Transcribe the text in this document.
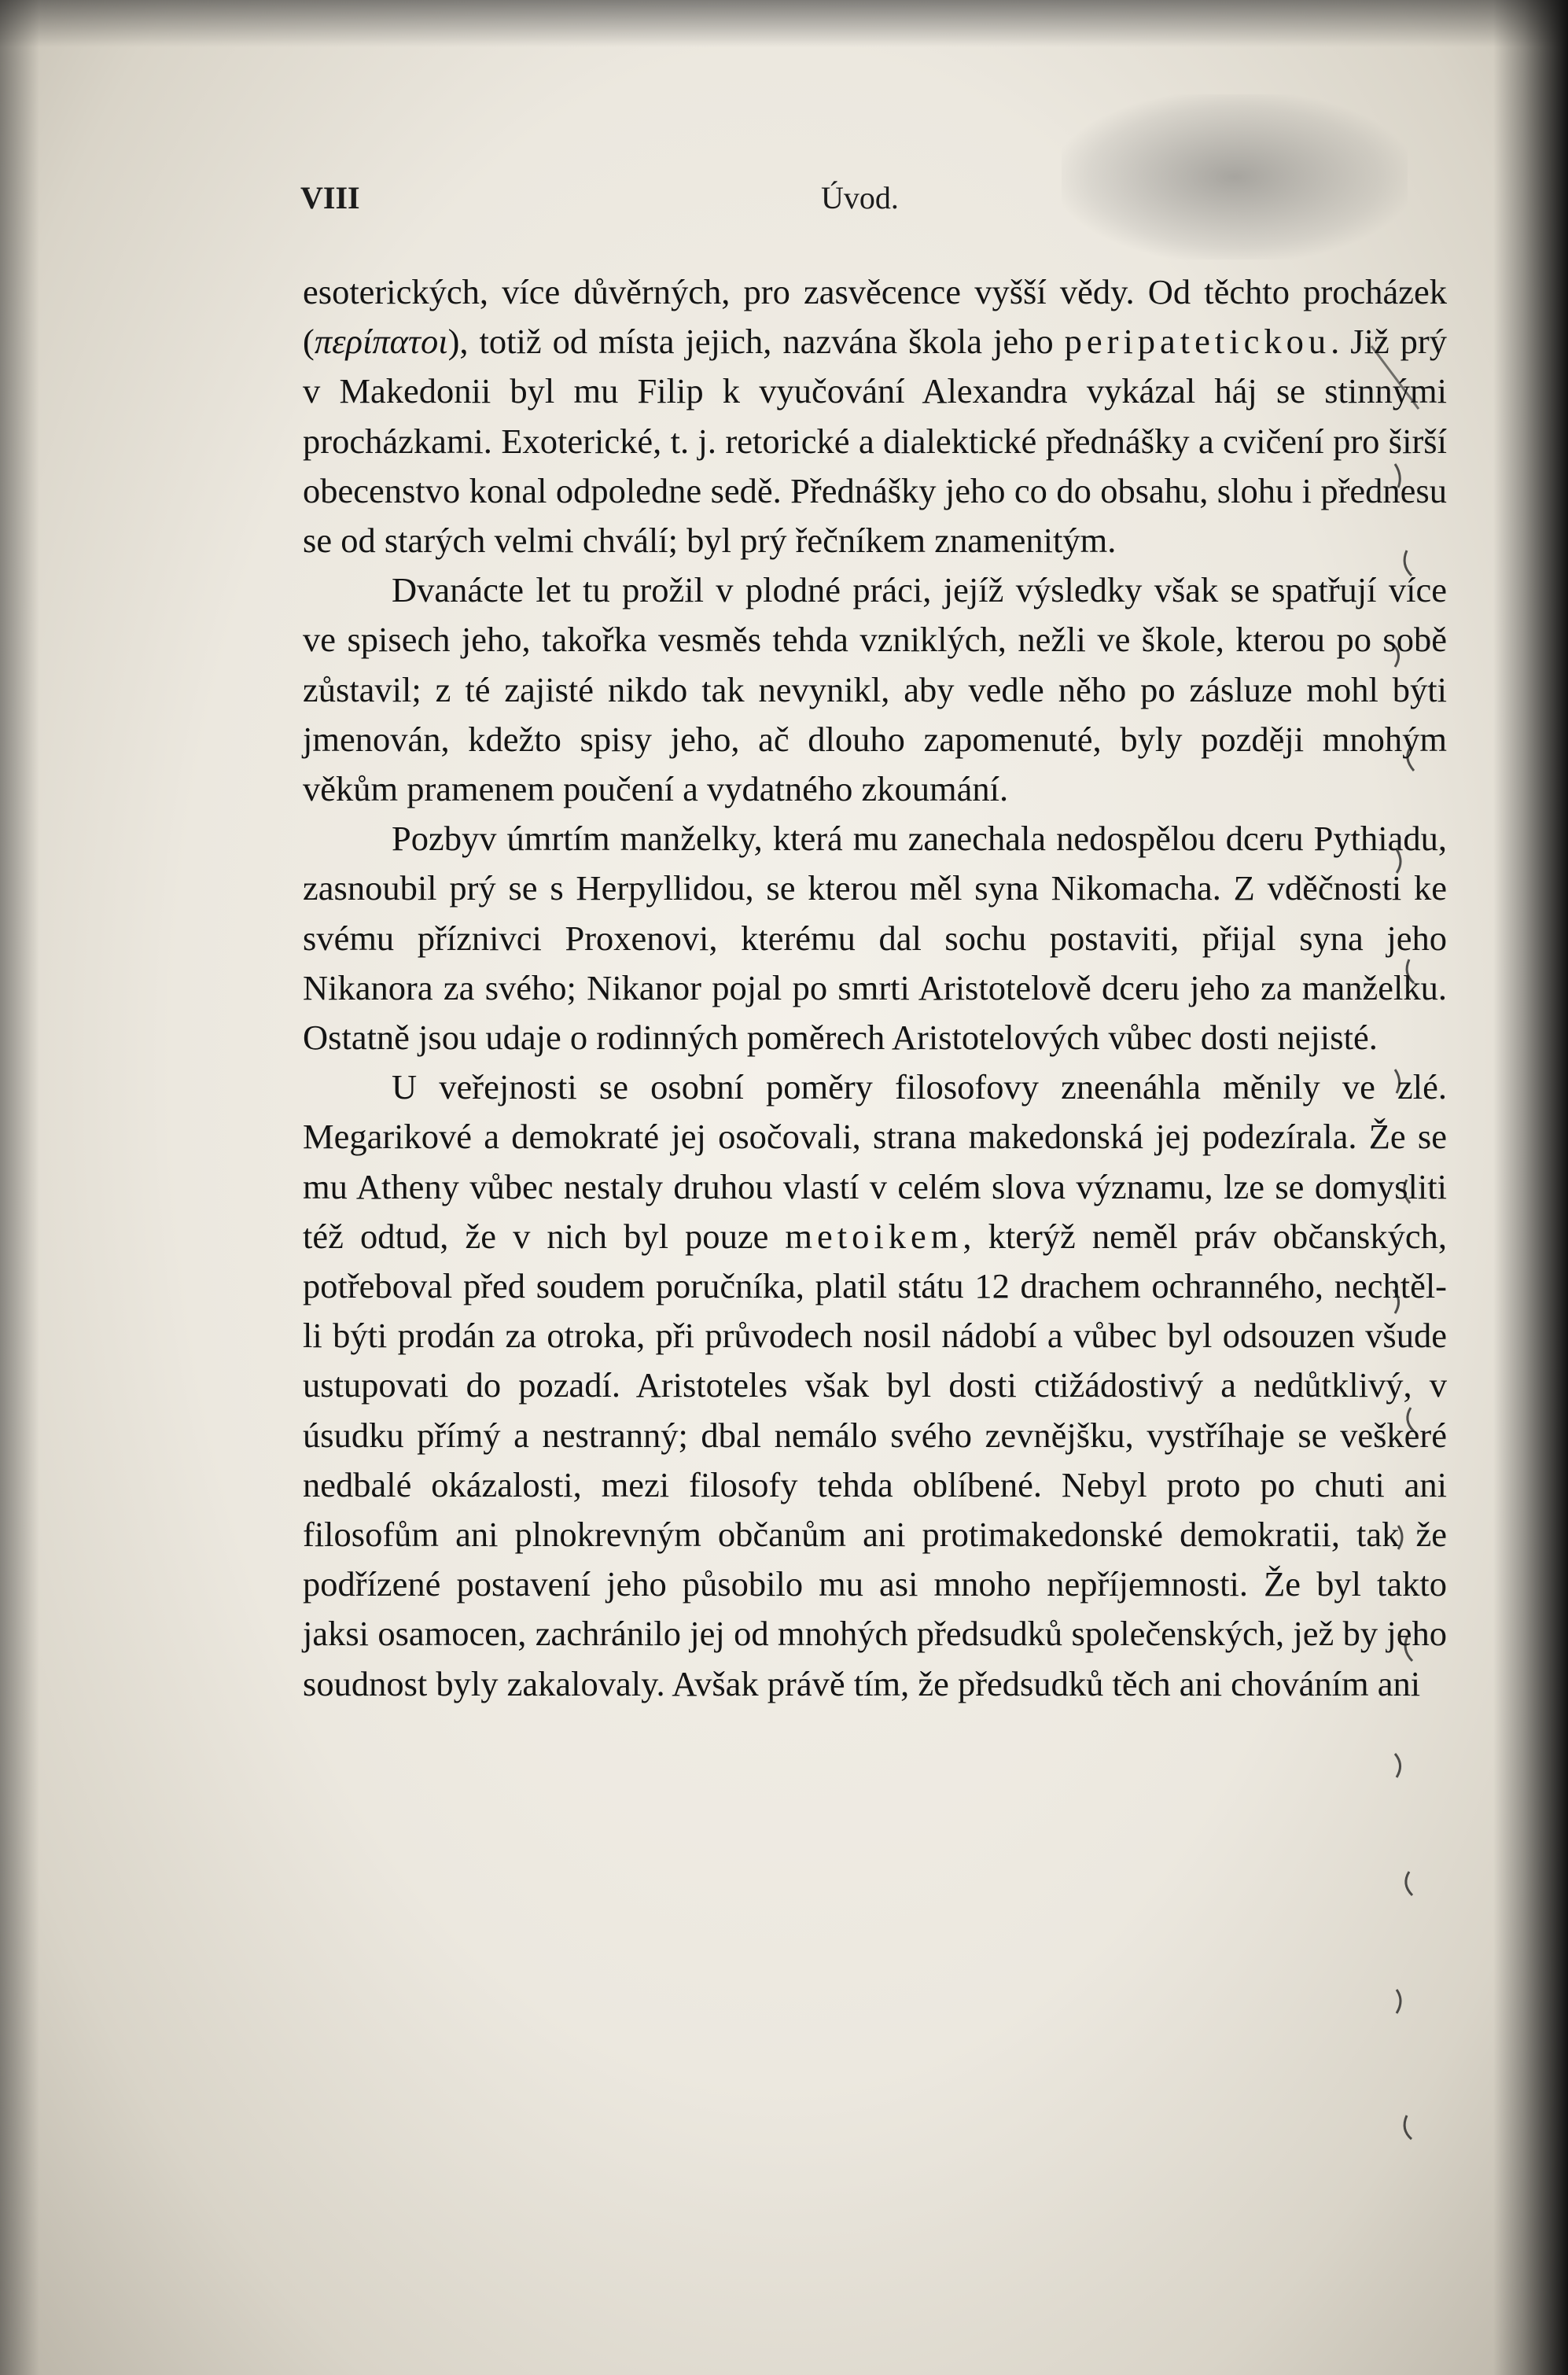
VIII	Úvod.

esoterických, více důvěrných, pro zasvěcence vyšší vědy. Od těchto procházek (περίπατοι), totiž od místa jejich, nazvána škola jeho peripatetickou. Již prý v Makedonii byl mu Filip k vyučování Alexandra vykázal háj se stinnými procházkami. Exoterické, t. j. retorické a dialektické přednášky a cvičení pro širší obecenstvo konal odpoledne sedě. Přednášky jeho co do obsahu, slohu i přednesu se od starých velmi chválí; byl prý řečníkem znamenitým.

Dvanácte let tu prožil v plodné práci, jejíž výsledky však se spatřují více ve spisech jeho, takořka vesměs tehda vzniklých, nežli ve škole, kterou po sobě zůstavil; z té zajisté nikdo tak nevynikl, aby vedle něho po zásluze mohl býti jmenován, kdežto spisy jeho, ač dlouho zapomenuté, byly později mnohým věkům pramenem poučení a vydatného zkoumání.

Pozbyv úmrtím manželky, která mu zanechala nedospělou dceru Pythiadu, zasnoubil prý se s Herpyllidou, se kterou měl syna Nikomacha. Z vděčnosti ke svému příznivci Proxenovi, kterému dal sochu postaviti, přijal syna jeho Nikanora za svého; Nikanor pojal po smrti Aristotelově dceru jeho za manželku. Ostatně jsou udaje o rodinných poměrech Aristotelových vůbec dosti nejisté.

U veřejnosti se osobní poměry filosofovy zneenáhla měnily ve zlé. Megarikové a demokraté jej osočovali, strana makedonská jej podezírala. Že se mu Atheny vůbec nestaly druhou vlastí v celém slova významu, lze se domysliti též odtud, že v nich byl pouze metoikem, kterýž neměl práv občanských, potřeboval před soudem poručníka, platil státu 12 drachem ochranného, nechtěl-li býti prodán za otroka, při průvodech nosil nádobí a vůbec byl odsouzen všude ustupovati do pozadí. Aristoteles však byl dosti ctižádostivý a nedůtklivý, v úsudku přímý a nestranný; dbal nemálo svého zevnějšku, vystříhaje se veškeré nedbalé okázalosti, mezi filosofy tehda oblíbené. Nebyl proto po chuti ani filosofům ani plnokrevným občanům ani protimakedonské demokratii, tak že podřízené postavení jeho působilo mu asi mnoho nepříjemnosti. Že byl takto jaksi osamocen, zachránilo jej od mnohých předsudků společenských, jež by jeho soudnost byly zakalovaly. Avšak právě tím, že předsudků těch ani chováním ani
